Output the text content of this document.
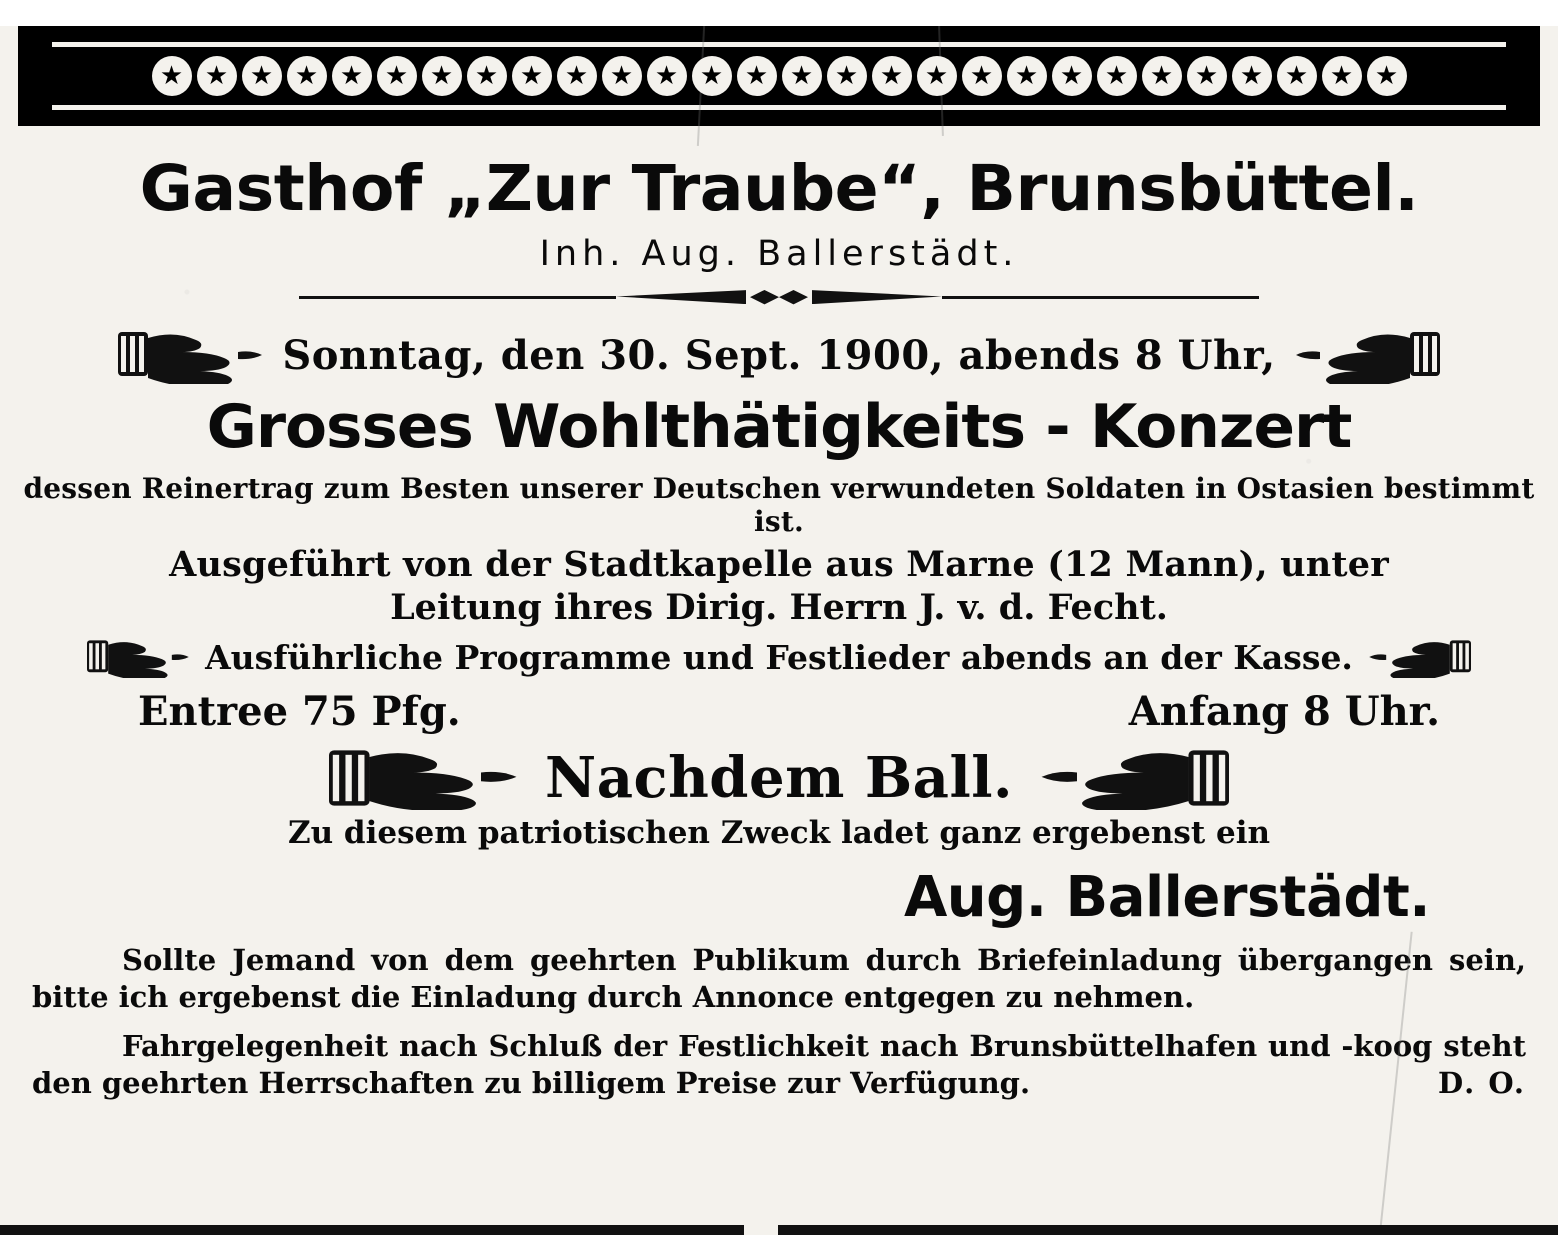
★ ★ ★ ★ ★ ★ ★ ★ ★ ★ ★ ★ ★ ★ ★ ★ ★ ★ ★ ★ ★ ★ ★ ★ ★ ★ ★ ★
Gasthof „Zur Traube“, Brunsbüttel.
Inh. Aug. Ballerstädt.
Sonntag, den 30. Sept. 1900, abends 8 Uhr,
Grosses Wohlthätigkeits - Konzert
dessen Reinertrag zum Besten unserer Deutschen verwundeten Soldaten in Ostasien bestimmt ist.
Ausgeführt von der Stadtkapelle aus Marne (12 Mann), unter
Leitung ihres Dirig. Herrn J. v. d. Fecht.
Ausführliche Programme und Festlieder abends an der Kasse.
Entree 75 Pfg.	Anfang 8 Uhr.
Nachdem Ball.
Zu diesem patriotischen Zweck ladet ganz ergebenst ein
Aug. Ballerstädt.
Sollte Jemand von dem geehrten Publikum durch Briefeinladung übergangen sein, bitte ich ergebenst die Einladung durch Annonce entgegen zu nehmen.
Fahrgelegenheit nach Schluß der Festlichkeit nach Brunsbüttelhafen und -koog steht den geehrten Herrschaften zu billigem Preise zur Verfügung.	D. O.
